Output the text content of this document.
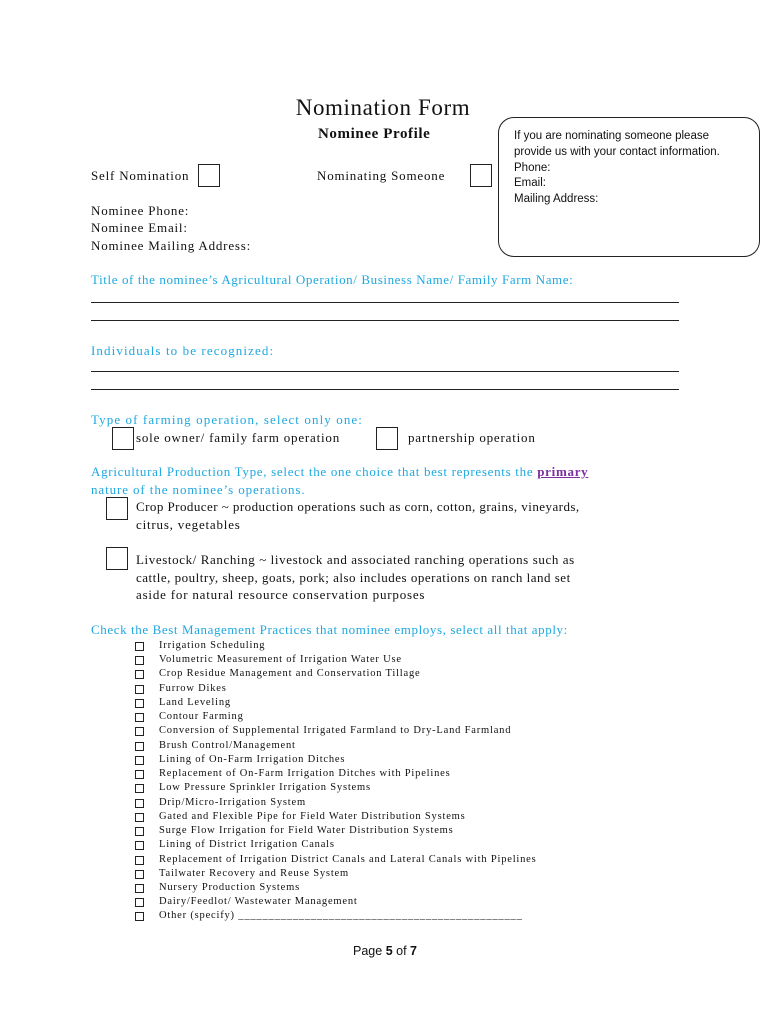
Nomination Form
Nominee Profile	If you are nominating someone please
provide us with your contact information.
Phone:
Email:
Mailing Address:
Self Nomination	Nominating Someone
Nominee Phone:
Nominee Email:
Nominee Mailing Address:
Title of the nominee’s Agricultural Operation/ Business Name/ Family Farm Name:
Individuals to be recognized:
Type of farming operation, select only one:
sole owner/ family farm operation	partnership operation
Agricultural Production Type, select the one choice that best represents the primary
nature of the nominee’s operations.
Crop Producer ~ production operations such as corn, cotton, grains, vineyards,
citrus, vegetables
Livestock/ Ranching ~ livestock and associated ranching operations such as
cattle, poultry, sheep, goats, pork; also includes operations on ranch land set
aside for natural resource conservation purposes
Check the Best Management Practices that nominee employs, select all that apply:
Irrigation Scheduling
Volumetric Measurement of Irrigation Water Use
Crop Residue Management and Conservation Tillage
Furrow Dikes
Land Leveling
Contour Farming
Conversion of Supplemental Irrigated Farmland to Dry-Land Farmland
Brush Control/Management
Lining of On-Farm Irrigation Ditches
Replacement of On-Farm Irrigation Ditches with Pipelines
Low Pressure Sprinkler Irrigation Systems
Drip/Micro-Irrigation System
Gated and Flexible Pipe for Field Water Distribution Systems
Surge Flow Irrigation for Field Water Distribution Systems
Lining of District Irrigation Canals
Replacement of Irrigation District Canals and Lateral Canals with Pipelines
Tailwater Recovery and Reuse System
Nursery Production Systems
Dairy/Feedlot/ Wastewater Management
Other (specify) _______________________________________________
Page 5 of 7
